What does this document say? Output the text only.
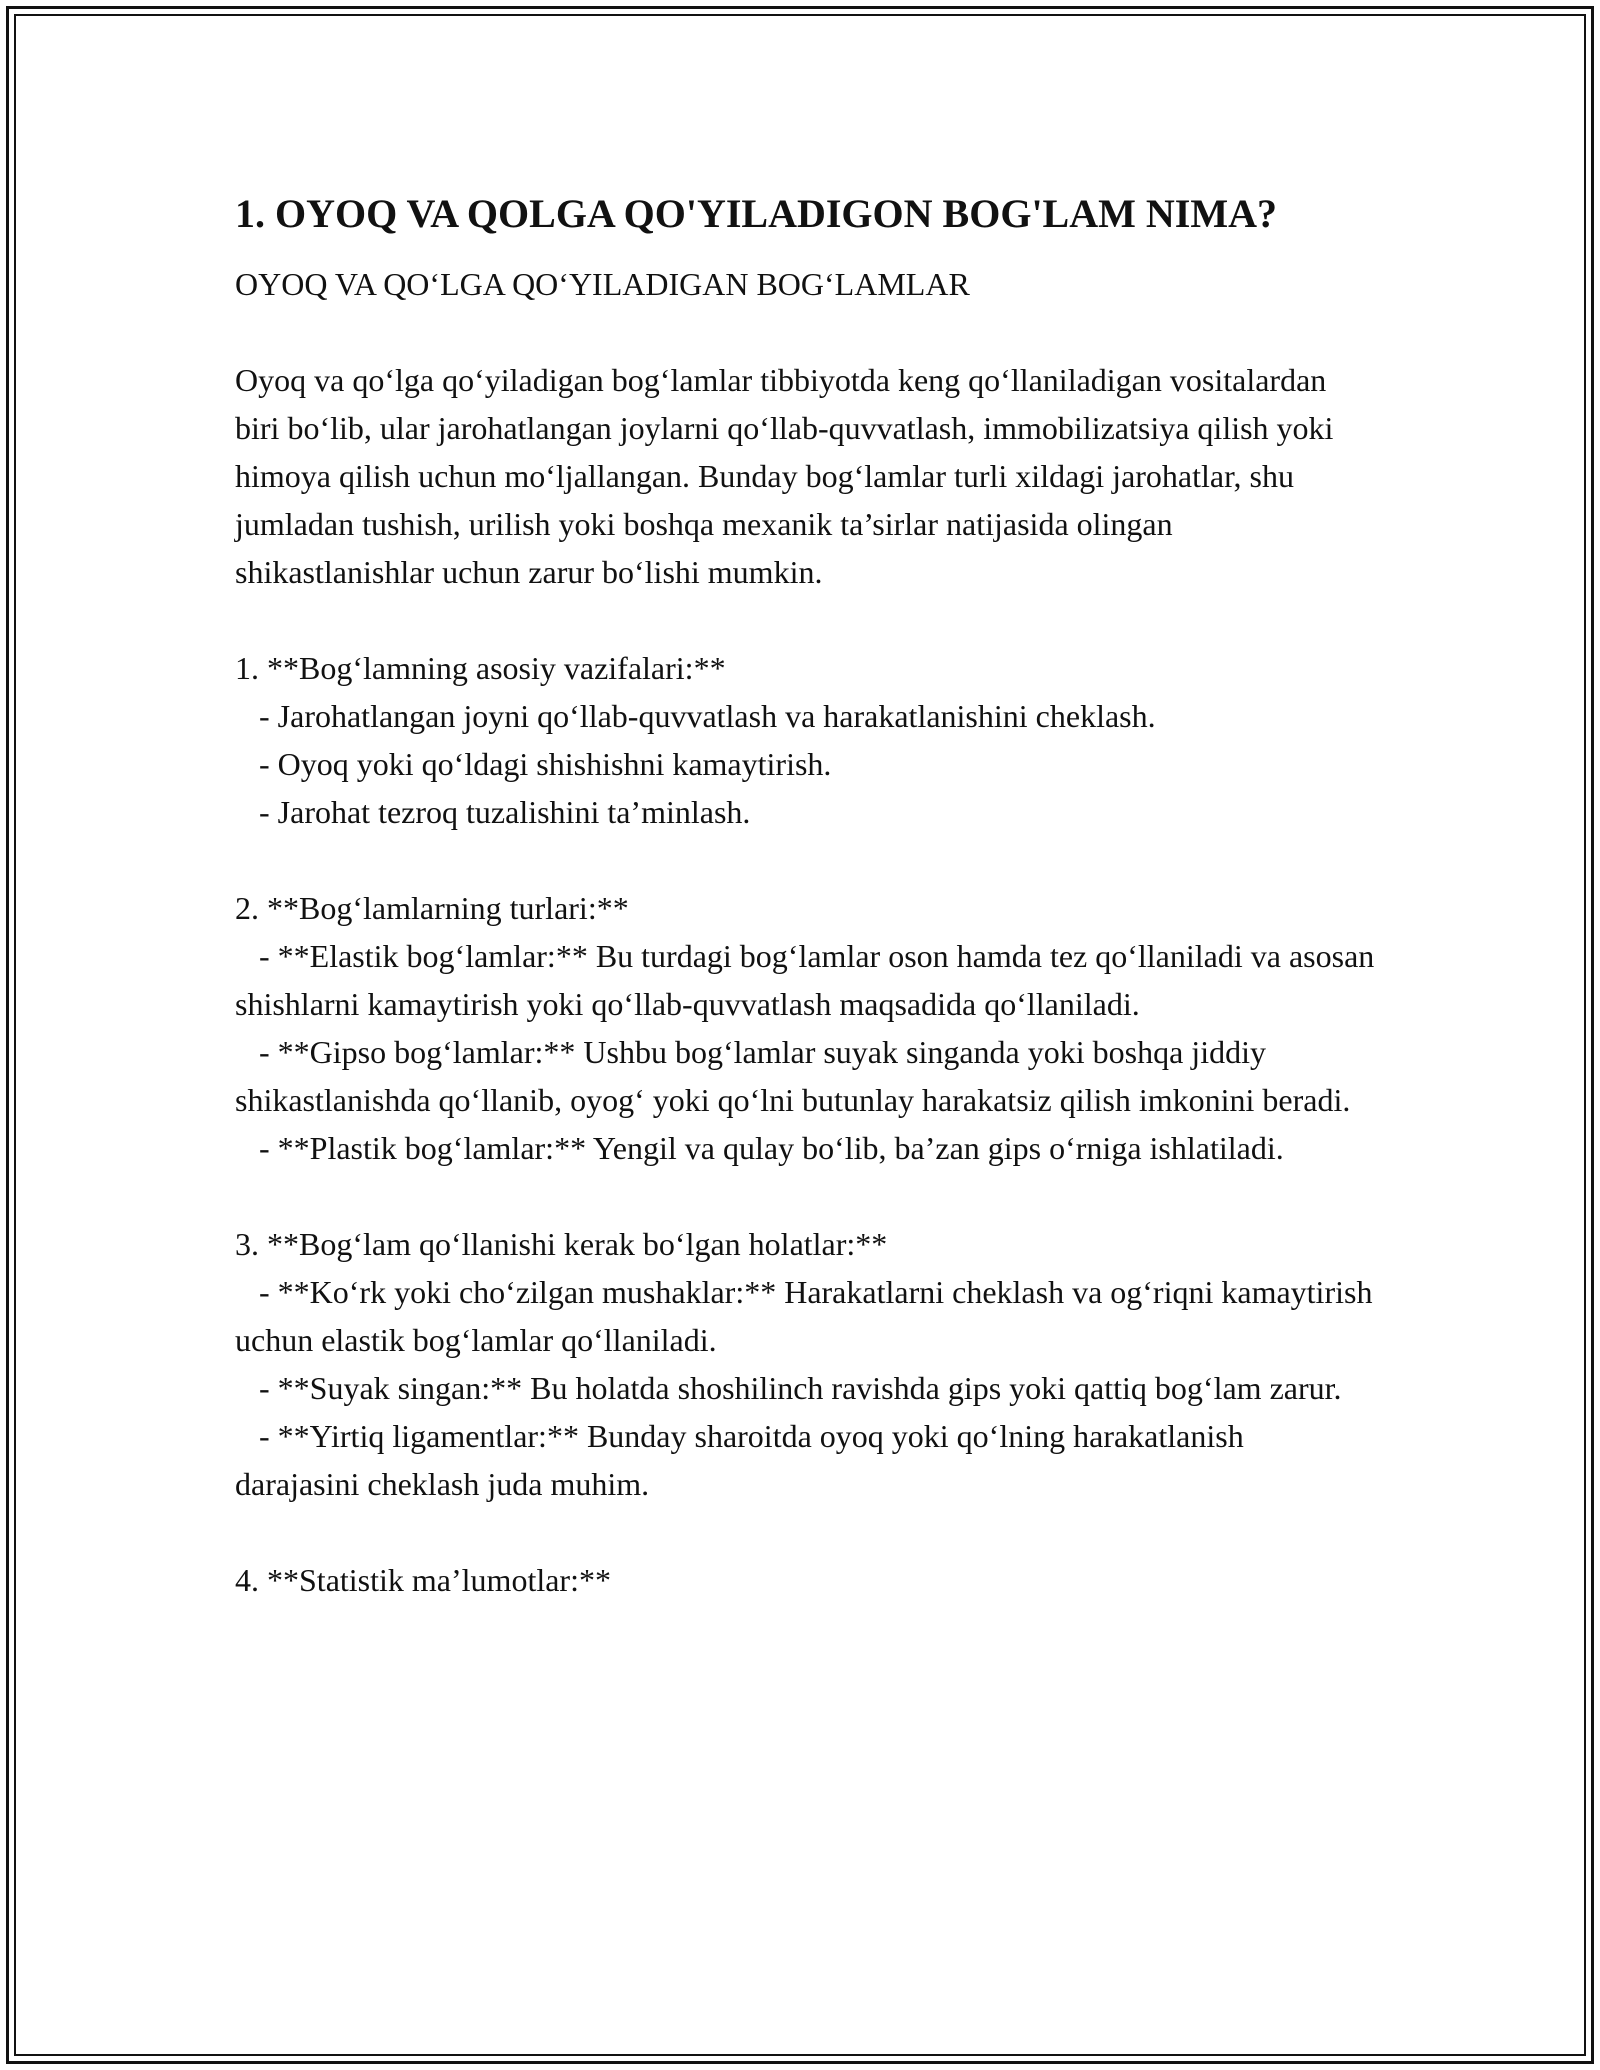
1. OYOQ VA QOLGA QO'YILADIGON BOG'LAM NIMA?

OYOQ VA QO‘LGA QO‘YILADIGAN BOG‘LAMLAR

Oyoq va qo‘lga qo‘yiladigan bog‘lamlar tibbiyotda keng qo‘llaniladigan vositalardan biri bo‘lib, ular jarohatlangan joylarni qo‘llab-quvvatlash, immobilizatsiya qilish yoki himoya qilish uchun mo‘ljallangan. Bunday bog‘lamlar turli xildagi jarohatlar, shu jumladan tushish, urilish yoki boshqa mexanik ta’sirlar natijasida olingan shikastlanishlar uchun zarur bo‘lishi mumkin.

1. **Bog‘lamning asosiy vazifalari:**
- Jarohatlangan joyni qo‘llab-quvvatlash va harakatlanishini cheklash.
- Oyoq yoki qo‘ldagi shishishni kamaytirish.
- Jarohat tezroq tuzalishini ta’minlash.
2. **Bog‘lamlarning turlari:**
- **Elastik bog‘lamlar:** Bu turdagi bog‘lamlar oson hamda tez qo‘llaniladi va asosan shishlarni kamaytirish yoki qo‘llab-quvvatlash maqsadida qo‘llaniladi.
- **Gipso bog‘lamlar:** Ushbu bog‘lamlar suyak singanda yoki boshqa jiddiy shikastlanishda qo‘llanib, oyog‘ yoki qo‘lni butunlay harakatsiz qilish imkonini beradi.
- **Plastik bog‘lamlar:** Yengil va qulay bo‘lib, ba’zan gips o‘rniga ishlatiladi.
3. **Bog‘lam qo‘llanishi kerak bo‘lgan holatlar:**
- **Ko‘rk yoki cho‘zilgan mushaklar:** Harakatlarni cheklash va og‘riqni kamaytirish uchun elastik bog‘lamlar qo‘llaniladi.
- **Suyak singan:** Bu holatda shoshilinch ravishda gips yoki qattiq bog‘lam zarur.
- **Yirtiq ligamentlar:** Bunday sharoitda oyoq yoki qo‘lning harakatlanish darajasini cheklash juda muhim.
4. **Statistik ma’lumotlar:**
